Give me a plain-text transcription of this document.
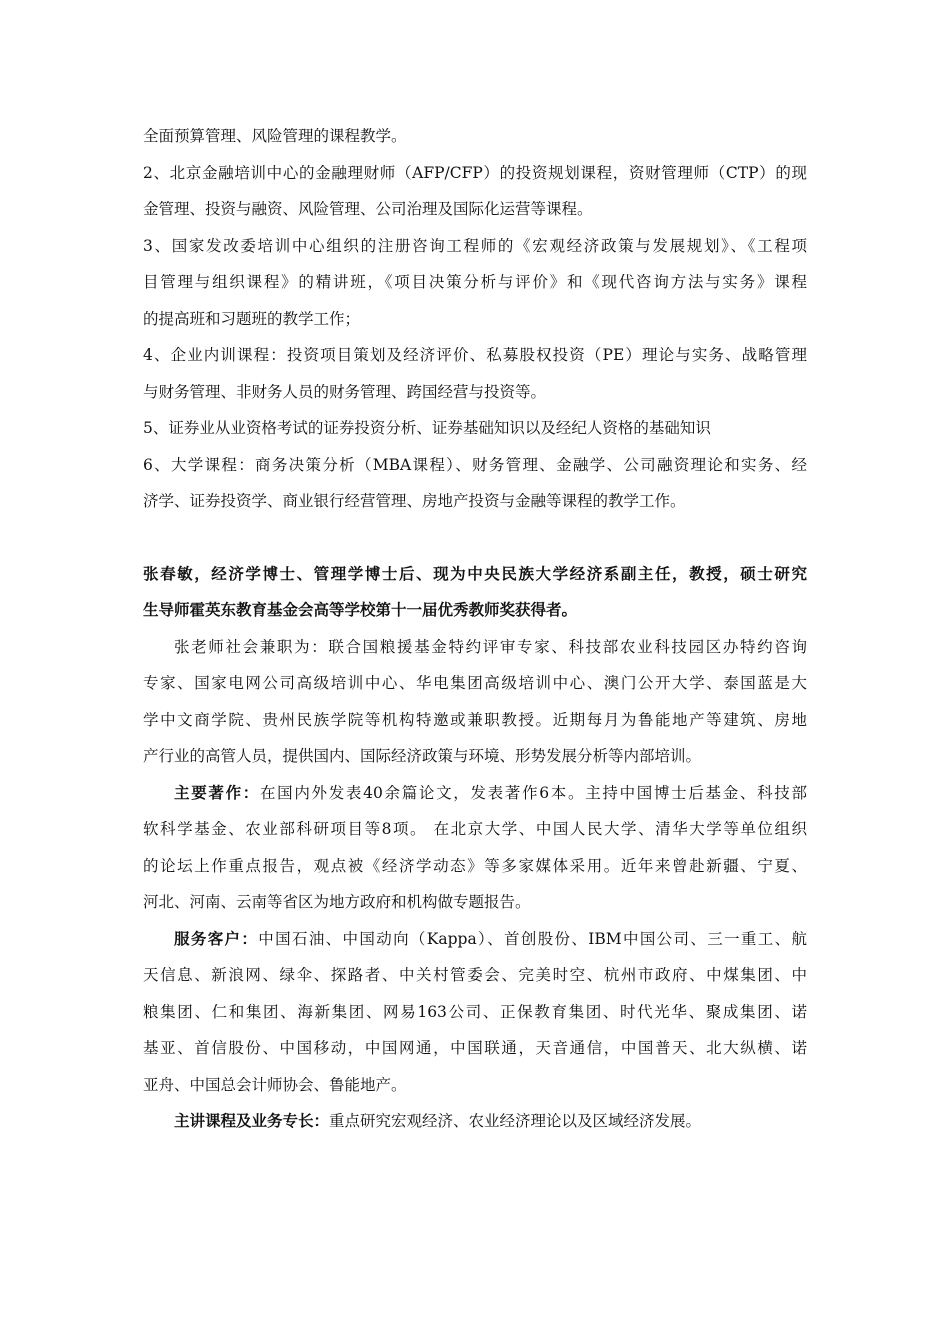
全面预算管理、风险管理的课程教学。
2、北京金融培训中心的金融理财师（AFP/CFP）的投资规划课程，资财管理师（CTP）的现
金管理、投资与融资、风险管理、公司治理及国际化运营等课程。
3、国家发改委培训中心组织的注册咨询工程师的《宏观经济政策与发展规划》、《工程项
目管理与组织课程》的精讲班，《项目决策分析与评价》和《现代咨询方法与实务》课程
的提高班和习题班的教学工作；
4、企业内训课程：投资项目策划及经济评价、私募股权投资（PE）理论与实务、战略管理
与财务管理、非财务人员的财务管理、跨国经营与投资等。
5、证券业从业资格考试的证券投资分析、证券基础知识以及经纪人资格的基础知识
6、大学课程：商务决策分析（MBA课程）、财务管理、金融学、公司融资理论和实务、经
济学、证券投资学、商业银行经营管理、房地产投资与金融等课程的教学工作。
张春敏，经济学博士、管理学博士后、现为中央民族大学经济系副主任，教授，硕士研究
生导师霍英东教育基金会高等学校第十一届优秀教师奖获得者。
张老师社会兼职为：联合国粮援基金特约评审专家、科技部农业科技园区办特约咨询
专家、国家电网公司高级培训中心、华电集团高级培训中心、澳门公开大学、泰国蓝是大
学中文商学院、贵州民族学院等机构特邀或兼职教授。近期每月为鲁能地产等建筑、房地
产行业的高管人员，提供国内、国际经济政策与环境、形势发展分析等内部培训。
主要著作：在国内外发表40余篇论文，发表著作6本。主持中国博士后基金、科技部
软科学基金、农业部科研项目等8项。 在北京大学、中国人民大学、清华大学等单位组织
的论坛上作重点报告，观点被《经济学动态》等多家媒体采用。近年来曾赴新疆、宁夏、
河北、河南、云南等省区为地方政府和机构做专题报告。
服务客户：中国石油、中国动向（Kappa）、首创股份、IBM中国公司、三一重工、航
天信息、新浪网、绿伞、探路者、中关村管委会、完美时空、杭州市政府、中煤集团、中
粮集团、仁和集团、海新集团、网易163公司、正保教育集团、时代光华、聚成集团、诺
基亚、首信股份、中国移动，中国网通，中国联通，天音通信，中国普天、北大纵横、诺
亚舟、中国总会计师协会、鲁能地产。
主讲课程及业务专长：重点研究宏观经济、农业经济理论以及区域经济发展。
